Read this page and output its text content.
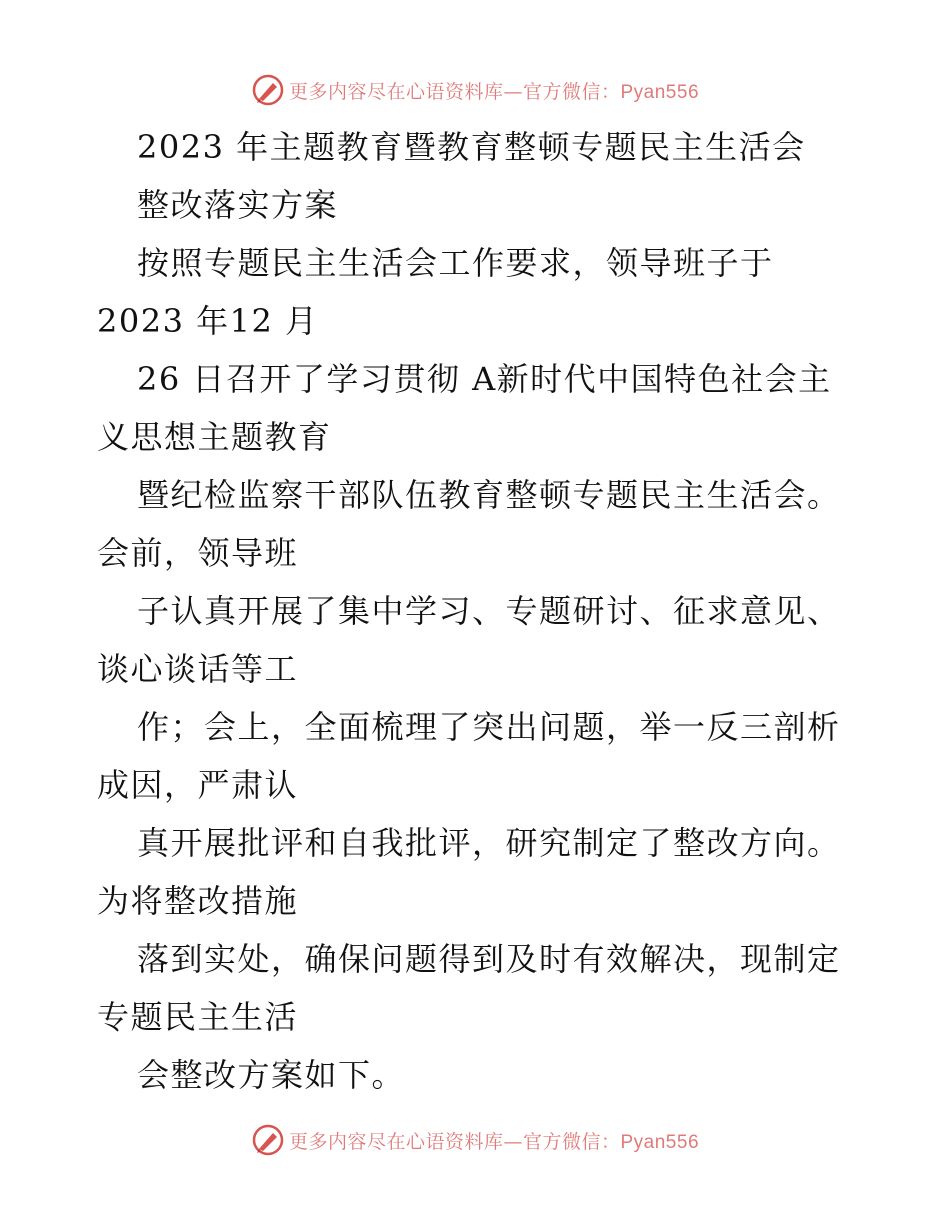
更多内容尽在心语资料库—官方微信：Pyan556
2023 年主题教育暨教育整顿专题民主生活会
整改落实方案
按照专题民主生活会工作要求，领导班子于
2023 年12 月
26 日召开了学习贯彻 A新时代中国特色社会主
义思想主题教育
暨纪检监察干部队伍教育整顿专题民主生活会。
会前，领导班
子认真开展了集中学习、专题研讨、征求意见、
谈心谈话等工
作；会上，全面梳理了突出问题，举一反三剖析
成因，严肃认
真开展批评和自我批评，研究制定了整改方向。
为将整改措施
落到实处，确保问题得到及时有效解决，现制定
专题民主生活
会整改方案如下。
更多内容尽在心语资料库—官方微信：Pyan556
